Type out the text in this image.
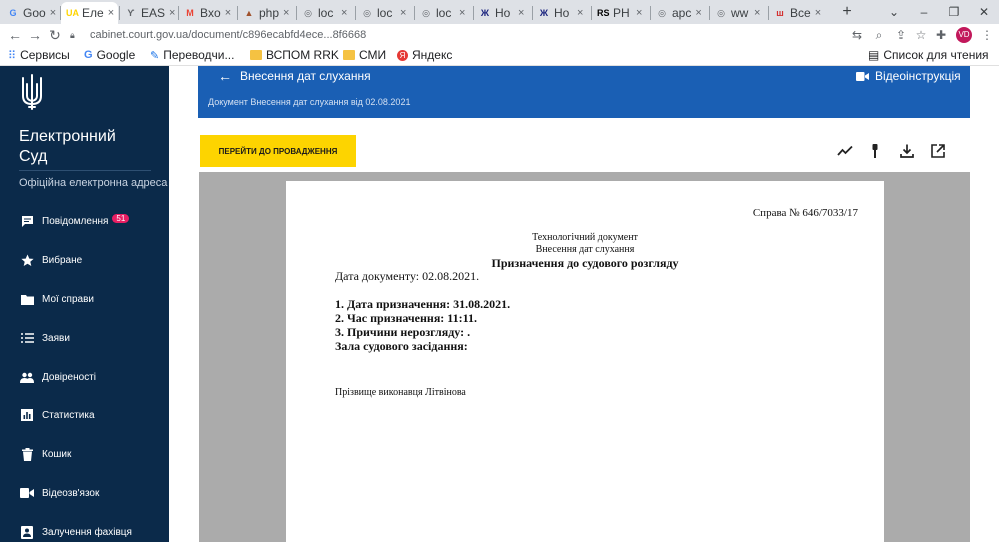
G Goo × UA Еле × ϒ EAS × M Bxo × ▲ php × ◎ loc × ◎ loc × ◎ loc × Ж Ho × Ж Ho × RS PH × ◎ apc × ◎ ww × ш Bce × +	⌄	–	❐	✕
← → ↻	🔒︎	cabinet.court.gov.ua/document/c896ecabfd4ece...8f6668	⇆	⌕	⇪ ☆ ✚	VD ⋮
⠿ Сервисы G Google ✎ Переводчи...	ВСПОМ RRK СМИ	Я Яндекс	▤ Список для чтения
Електронний
Суд
Офіційна електронна адреса
Повідомлення	51
Вибране
Мої справи
Заяви
Довіреності
Статистика
Кошик
Відеозв'язок
Залучення фахівця
← Внесення дат слухання	Відеоінструкція
Документ Внесення дат слухання від 02.08.2021
ПЕРЕЙТИ ДО ПРОВАДЖЕННЯ
Справа № 646/7033/17
Технологічний документ
Внесення дат слухання
Призначення до судового розгляду
Дата документу: 02.08.2021.
1. Дата призначення: 31.08.2021.
2. Час призначення: 11:11.
3. Причини нерозгляду: .
Зала судового засідання:
Прізвище виконавця Літвінова
